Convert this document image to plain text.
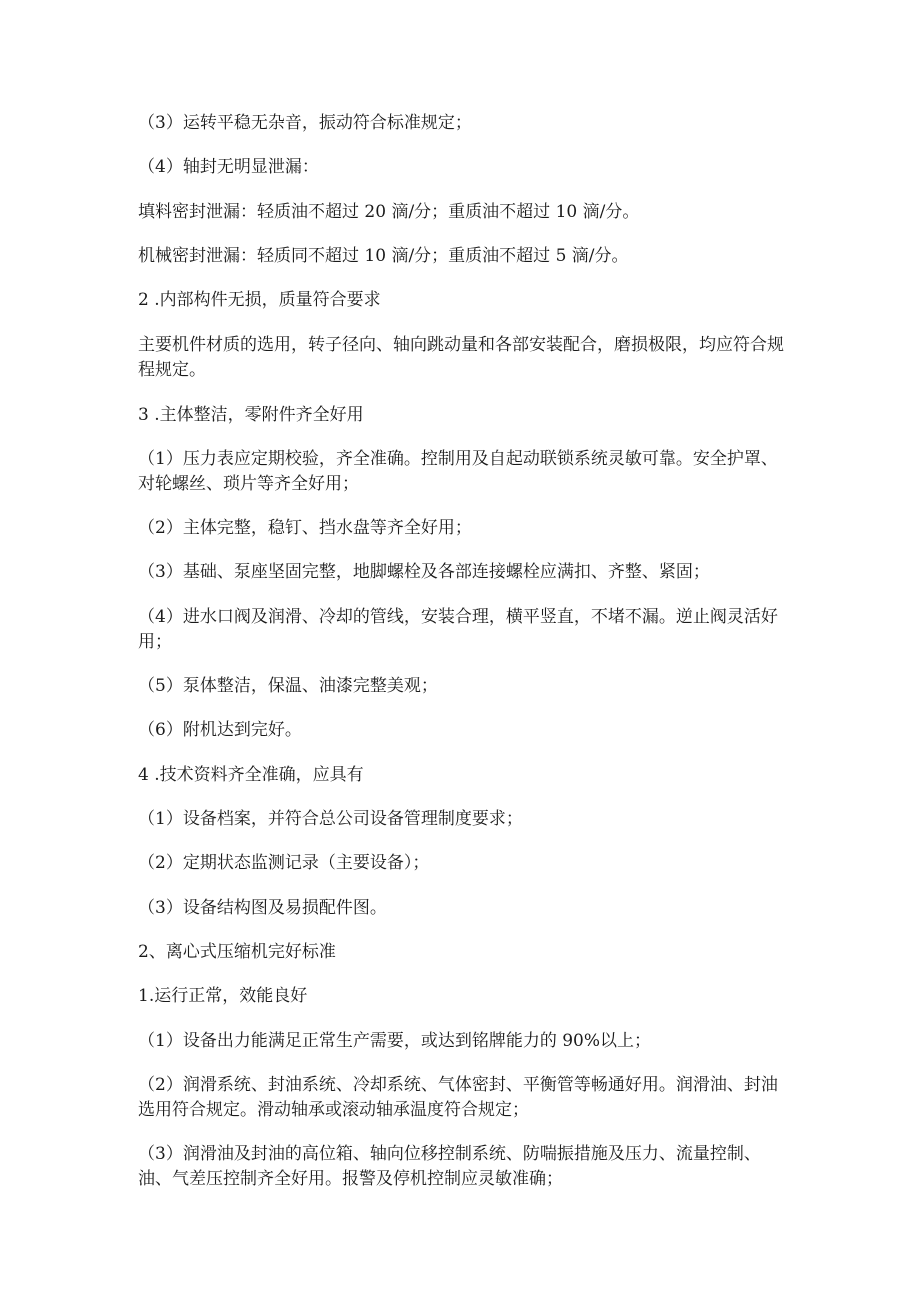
（3）运转平稳无杂音，振动符合标准规定；

（4）轴封无明显泄漏：

填料密封泄漏：轻质油不超过 20 滴/分；重质油不超过 10 滴/分。

机械密封泄漏：轻质同不超过 10 滴/分；重质油不超过 5 滴/分。

2 .内部构件无损，质量符合要求

主要机件材质的选用，转子径向、轴向跳动量和各部安装配合，磨损极限，均应符合规程规定。

3 .主体整洁，零附件齐全好用

（1）压力表应定期校验，齐全准确。控制用及自起动联锁系统灵敏可靠。安全护罩、对轮螺丝、琐片等齐全好用；

（2）主体完整，稳钉、挡水盘等齐全好用；

（3）基础、泵座坚固完整，地脚螺栓及各部连接螺栓应满扣、齐整、紧固；

（4）进水口阀及润滑、冷却的管线，安装合理，横平竖直，不堵不漏。逆止阀灵活好用；

（5）泵体整洁，保温、油漆完整美观；

（6）附机达到完好。

4 .技术资料齐全准确，应具有

（1）设备档案，并符合总公司设备管理制度要求；

（2）定期状态监测记录（主要设备）；

（3）设备结构图及易损配件图。

2、离心式压缩机完好标准

1.运行正常，效能良好

（1）设备出力能满足正常生产需要，或达到铭牌能力的 90%以上；

（2）润滑系统、封油系统、冷却系统、气体密封、平衡管等畅通好用。润滑油、封油选用符合规定。滑动轴承或滚动轴承温度符合规定；

（3）润滑油及封油的高位箱、轴向位移控制系统、防喘振措施及压力、流量控制、油、气差压控制齐全好用。报警及停机控制应灵敏准确；
